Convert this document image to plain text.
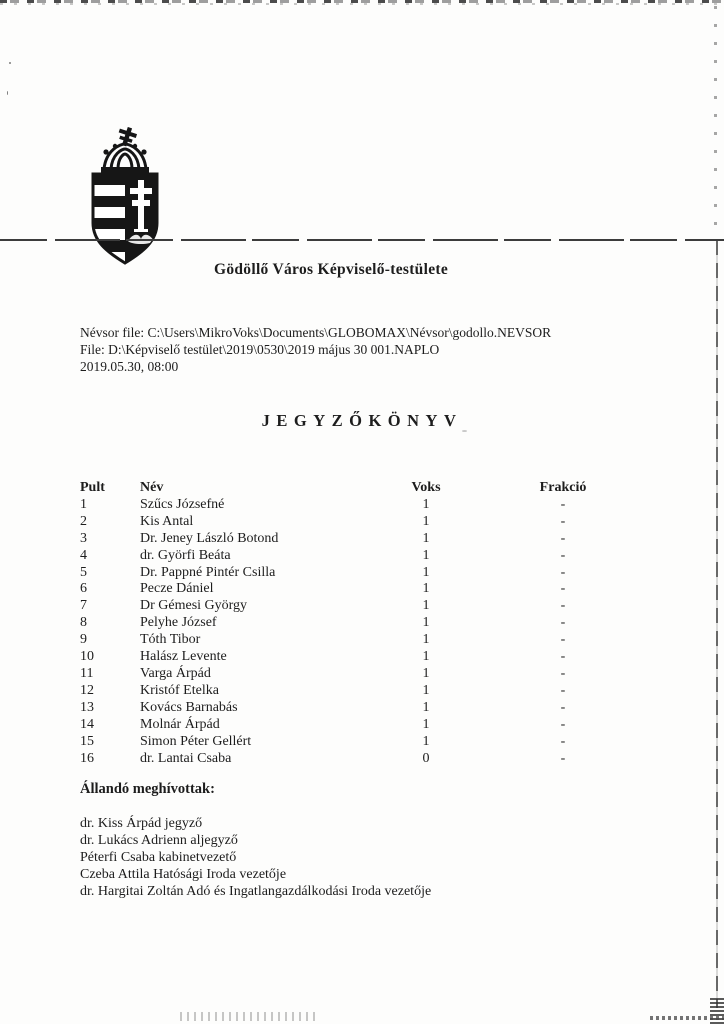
Gödöllő Város Képviselő-testülete
Névsor file: C:\Users\MikroVoks\Documents\GLOBOMAX\Névsor\godollo.NEVSOR
File: D:\Képviselő testület\2019\0530\2019 május 30 001.NAPLO
2019.05.30, 08:00
JEGYZŐKÖNYV
Pult	Név	Voks	Frakció
1	Szűcs Józsefné	1	-
2	Kis Antal	1	-
3	Dr. Jeney László Botond	1	-
4	dr. Györfi Beáta	1	-
5	Dr. Pappné Pintér Csilla	1	-
6	Pecze Dániel	1	-
7	Dr Gémesi György	1	-
8	Pelyhe József	1	-
9	Tóth Tibor	1	-
10	Halász Levente	1	-
11	Varga Árpád	1	-
12	Kristóf Etelka	1	-
13	Kovács Barnabás	1	-
14	Molnár Árpád	1	-
15	Simon Péter Gellért	1	-
16	dr. Lantai Csaba	0	-
Állandó meghívottak:
dr. Kiss Árpád jegyző
dr. Lukács Adrienn aljegyző
Péterfi Csaba kabinetvezető
Czeba Attila Hatósági Iroda vezetője
dr. Hargitai Zoltán Adó és Ingatlangazdálkodási Iroda vezetője
